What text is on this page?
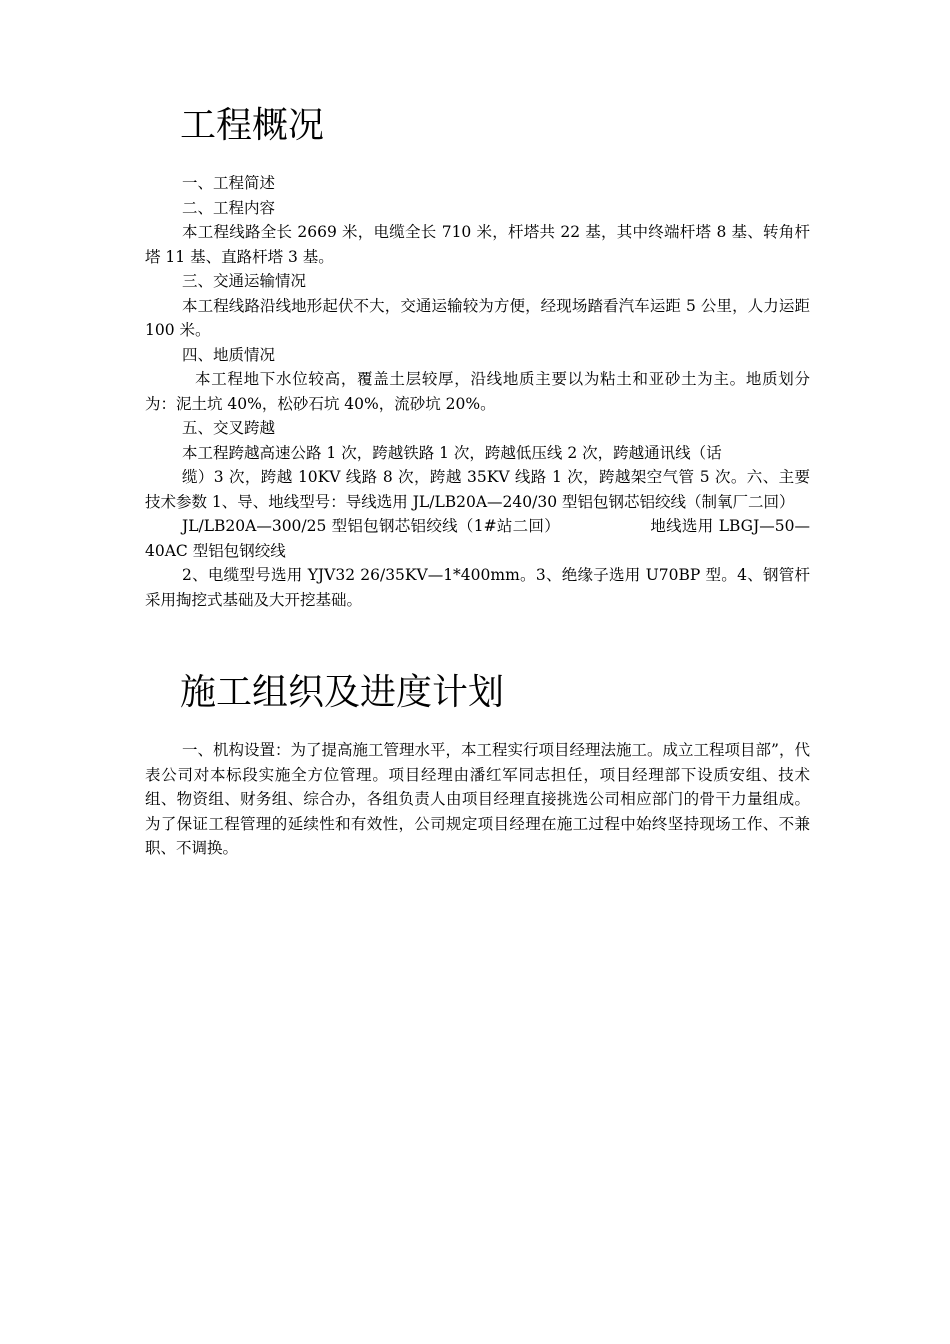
工程概况

一、工程简述

二、工程内容

本工程线路全长 2669 米，电缆全长 710 米，杆塔共 22 基，其中终端杆塔 8 基、转角杆塔 11 基、直路杆塔 3 基。

三、交通运输情况

本工程线路沿线地形起伏不大，交通运输较为方便，经现场踏看汽车运距 5 公里，人力运距 100 米。

四、地质情况

本工程地下水位较高，覆盖土层较厚，沿线地质主要以为粘土和亚砂土为主。地质划分为：泥土坑 40%，松砂石坑 40%，流砂坑 20%。

五、交叉跨越

本工程跨越高速公路 1 次，跨越铁路 1 次，跨越低压线 2 次，跨越通讯线（话

缆）3 次，跨越 10KV 线路 8 次，跨越 35KV 线路 1 次，跨越架空气管 5 次。六、主要技术参数 1、导、地线型号：导线选用 JL/LB20A—240/30 型铝包钢芯铝绞线（制氧厂二回）

JL/LB20A—300/25 型铝包钢芯铝绞线（1#站二回）	地线选用 LBGJ—50—40AC 型铝包钢绞线

2、电缆型号选用 YJV32 26/35KV—1*400mm。3、绝缘子选用 U70BP 型。4、钢管杆采用掏挖式基础及大开挖基础。

施工组织及进度计划

一、机构设置：为了提高施工管理水平，本工程实行项目经理法施工。成立工程项目部”，代表公司对本标段实施全方位管理。项目经理由潘红军同志担任，项目经理部下设质安组、技术组、物资组、财务组、综合办，各组负责人由项目经理直接挑选公司相应部门的骨干力量组成。为了保证工程管理的延续性和有效性，公司规定项目经理在施工过程中始终坚持现场工作、不兼职、不调换。
